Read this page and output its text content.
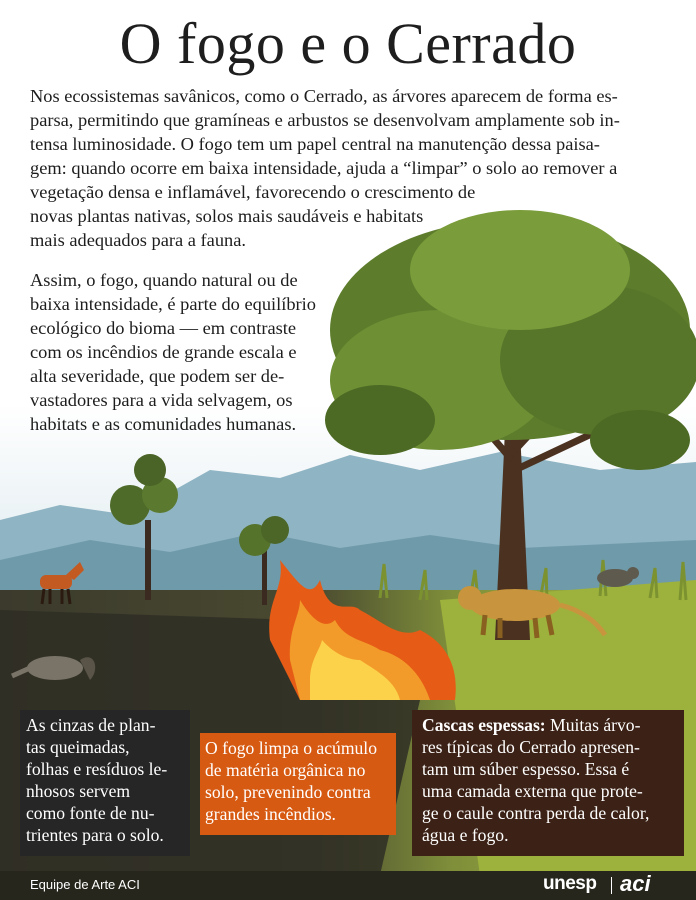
O fogo e o Cerrado

Nos ecossistemas savânicos, como o Cerrado, as árvores aparecem de forma es-
parsa, permitindo que gramíneas e arbustos se desenvolvam amplamente sob in-
tensa luminosidade. O fogo tem um papel central na manutenção dessa paisa-
gem: quando ocorre em baixa intensidade, ajuda a “limpar” o solo ao remover a
vegetação densa e inflamável, favorecendo o crescimento de
novas plantas nativas, solos mais saudáveis e habitats
mais adequados para a fauna.

Assim, o fogo, quando natural ou de
baixa intensidade, é parte do equilíbrio
ecológico do bioma — em contraste
com os incêndios de grande escala e
alta severidade, que podem ser de-
vastadores para a vida selvagem, os
habitats e as comunidades humanas.

As cinzas de plan-
tas queimadas,
folhas e resíduos le-
nhosos servem
como fonte de nu-
trientes para o solo.
O fogo limpa o acúmulo
de matéria orgânica no
solo, prevenindo contra
grandes incêndios.
Cascas espessas: Muitas árvo-
res típicas do Cerrado apresen-
tam um súber espesso. Essa é
uma camada externa que prote-
ge o caule contra perda de calor,
água e fogo.
Equipe de Arte ACI	unesp aci
